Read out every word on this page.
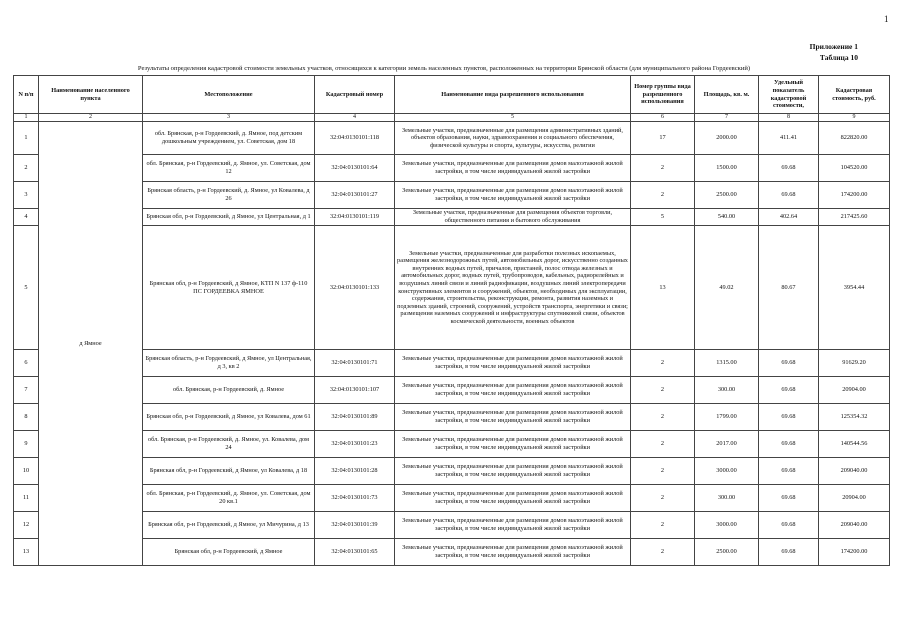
1
Приложение 1
Таблица 10
Результаты определения кадастровой стоимости земельных участков, относящихся к категории земель населенных пунктов, расположенных на территории Брянской области (для муниципального района Гордеевский)
N п/п	Наименование населенного пункта	Местоположение	Кадастровый номер	Наименование вида разрешенного использования	Номер группы вида разрешенного использования	Площадь, кв. м.	Удельный показатель кадастровой стоимости,	Кадастровая стоимость, руб.
1	2	3	4	5	6	7	8	9
1	д Ямное	обл. Брянская, р-н Гордеевский, д. Ямное, под детским дошкольным учреждением, ул. Советская, дом 18	32:04:0130101:118	Земельные участки, предназначенные для размещения административных зданий, объектов образования, науки, здравоохранения и социального обеспечения, физической культуры и спорта, культуры, искусства, религии	17	2000.00	411.41	822820.00
2		обл. Брянская, р-н Гордеевский, д. Ямное, ул. Советская, дом 12	32:04:0130101:64	Земельные участки, предназначенные для размещения домов малоэтажной жилой застройки, в том числе индивидуальной жилой застройки	2	1500.00	69.68	104520.00
3		Брянская область, р-н Гордеевский, д. Ямное, ул Ковалева, д 26	32:04:0130101:27	Земельные участки, предназначенные для размещения домов малоэтажной жилой застройки, в том числе индивидуальной жилой застройки	2	2500.00	69.68	174200.00
4		Брянская обл, р-н Гордеевский, д Ямное, ул Центральная, д 1	32:04:0130101:119	Земельные участки, предназначенные для размещения объектов торговли, общественного питания и бытового обслуживания	5	540.00	402.64	217425.60
5		Брянская обл, р-н Гордеевский, д Ямное, КТП N 137 ф-110 ПС ГОРДЕЕВКА ЯМНОЕ	32:04:0130101:133	Земельные участки, предназначенные для разработки полезных ископаемых, размещения железнодорожных путей, автомобильных дорог, искусственно созданных внутренних водных путей, причалов, пристаней, полос отвода железных и автомобильных дорог, водных путей, трубопроводов, кабельных, радиорелейных и воздушных линий связи и линий радиофикации, воздушных линий электропередачи конструктивных элементов и сооружений, объектов, необходимых для эксплуатации, содержания, строительства, реконструкции, ремонта, развития наземных и подземных зданий, строений, сооружений, устройств транспорта, энергетики и связи; размещения наземных сооружений и инфраструктуры спутниковой связи, объектов космической деятельности, военных объектов	13	49.02	80.67	3954.44
6		Брянская область, р-н Гордеевский, д Ямное, ул Центральная, д 3, кв 2	32:04:0130101:71	Земельные участки, предназначенные для размещения домов малоэтажной жилой застройки, в том числе индивидуальной жилой застройки	2	1315.00	69.68	91629.20
7		обл. Брянская, р-н Гордеевский, д. Ямное	32:04:0130101:107	Земельные участки, предназначенные для размещения домов малоэтажной жилой застройки, в том числе индивидуальной жилой застройки	2	300.00	69.68	20904.00
8		Брянская обл, р-н Гордеевский, д Ямное, ул Ковалева, дом 61	32:04:0130101:89	Земельные участки, предназначенные для размещения домов малоэтажной жилой застройки, в том числе индивидуальной жилой застройки	2	1799.00	69.68	125354.32
9		обл. Брянская, р-н Гордеевский, д. Ямное, ул. Ковалева, дом 24	32:04:0130101:23	Земельные участки, предназначенные для размещения домов малоэтажной жилой застройки, в том числе индивидуальной жилой застройки	2	2017.00	69.68	140544.56
10		Брянская обл, р-н Гордеевский, д Ямное, ул Ковалева, д 18	32:04:0130101:28	Земельные участки, предназначенные для размещения домов малоэтажной жилой застройки, в том числе индивидуальной жилой застройки	2	3000.00	69.68	209040.00
11		обл. Брянская, р-н Гордеевский, д. Ямное, ул. Советская, дом 20 кв.1	32:04:0130101:73	Земельные участки, предназначенные для размещения домов малоэтажной жилой застройки, в том числе индивидуальной жилой застройки	2	300.00	69.68	20904.00
12		Брянская обл, р-н Гордеевский, д Ямное, ул Мичурина, д 13	32:04:0130101:39	Земельные участки, предназначенные для размещения домов малоэтажной жилой застройки, в том числе индивидуальной жилой застройки	2	3000.00	69.68	209040.00
13		Брянская обл, р-н Гордеевский, д Ямное	32:04:0130101:65	Земельные участки, предназначенные для размещения домов малоэтажной жилой застройки, в том числе индивидуальной жилой застройки	2	2500.00	69.68	174200.00
